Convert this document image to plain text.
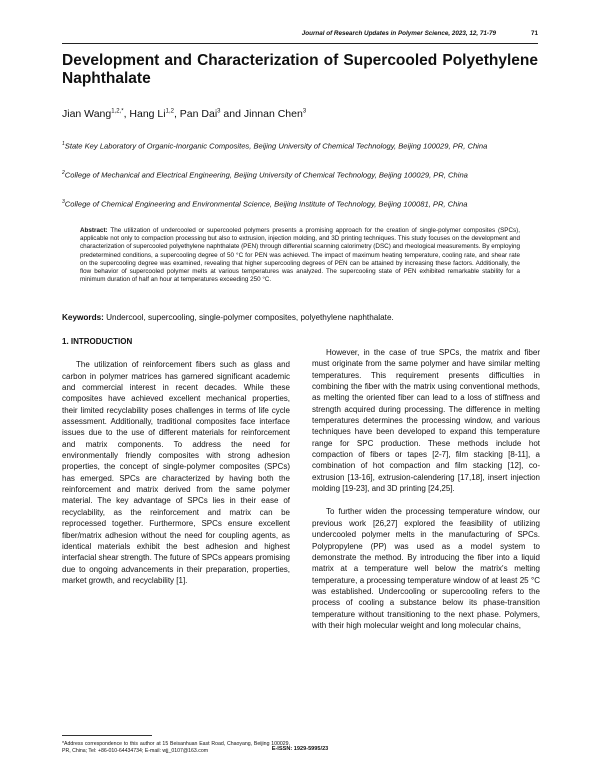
Journal of Research Updates in Polymer Science, 2023, 12, 71-79	71
Development and Characterization of Supercooled Polyethylene Naphthalate
Jian Wang$^{1,2,*}$, Hang Li$^{1,2}$, Pan Dai$^3$ and Jinnan Chen$^3$
$^1$State Key Laboratory of Organic-Inorganic Composites, Beijing University of Chemical Technology, Beijing 100029, PR, China
$^2$College of Mechanical and Electrical Engineering, Beijing University of Chemical Technology, Beijing 100029, PR, China
$^3$College of Chemical Engineering and Environmental Science, Beijing Institute of Technology, Beijing 100081, PR, China

Abstract: The utilization of undercooled or supercooled polymers presents a promising approach for the creation of single-polymer composites (SPCs), applicable not only to compaction processing but also to extrusion, injection molding, and 3D printing techniques. This study focuses on the development and characterization of supercooled polyethylene naphthalate (PEN) through differential scanning calorimetry (DSC) and rheological measurements. By employing predetermined conditions, a supercooling degree of 50 °C for PEN was achieved. The impact of maximum heating temperature, cooling rate, and shear rate on the supercooling degree was examined, revealing that higher supercooling degrees of PEN can be attained by increasing these factors. Additionally, the flow behavior of supercooled polymer melts at various temperatures was analyzed. The supercooling state of PEN exhibited remarkable stability for a minimum duration of half an hour at temperatures exceeding 250 °C.

Keywords: Undercool, supercooling, single-polymer composites, polyethylene naphthalate.

1. INTRODUCTION

The utilization of reinforcement fibers such as glass and carbon in polymer matrices has garnered significant academic and commercial interest in recent decades. While these composites have achieved excellent mechanical properties, their limited recyclability poses challenges in terms of life cycle assessment. Additionally, traditional composites face interface issues due to the use of different materials for reinforcement and matrix components. To address the need for environmentally friendly composites with strong adhesion properties, the concept of single-polymer composites (SPCs) has emerged. SPCs are characterized by having both the reinforcement and matrix derived from the same polymer material. The key advantage of SPCs lies in their ease of recyclability, as the reinforcement and matrix can be reprocessed together. Furthermore, SPCs ensure excellent fiber/matrix adhesion without the need for coupling agents, as identical materials exhibit the best adhesion and highest interfacial shear strength. The future of SPCs appears promising due to ongoing advancements in their preparation, properties, market growth, and recyclability [1].

However, in the case of true SPCs, the matrix and fiber must originate from the same polymer and have similar melting temperatures. This requirement presents difficulties in combining the fiber with the matrix using conventional methods, as melting the oriented fiber can lead to a loss of stiffness and strength acquired during processing. The difference in melting temperatures determines the processing window, and various techniques have been developed to expand this temperature range for SPC production. These methods include hot compaction of fibers or tapes [2-7], film stacking [8-11], a combination of hot compaction and film stacking [12], co-extrusion [13-16], extrusion-calendering [17,18], insert injection molding [19-23], and 3D printing [24,25].

To further widen the processing temperature window, our previous work [26,27] explored the feasibility of utilizing undercooled polymer melts in the manufacturing of SPCs. Polypropylene (PP) was used as a model system to demonstrate the method. By introducing the fiber into a liquid matrix at a temperature well below the matrix's melting temperature, a processing temperature window of at least 25 °C was established. Undercooling or supercooling refers to the process of cooling a substance below its phase-transition temperature without transitioning to the next phase. Polymers, with their high molecular weight and long molecular chains,

*Address correspondence to this author at 15 Beisanhuan East Road, Chaoyang, Beijing 100029, PR, China; Tel: +86-010-64434734; E-mail: wjj_0107@163.com	E-ISSN: 1929-5995/23
